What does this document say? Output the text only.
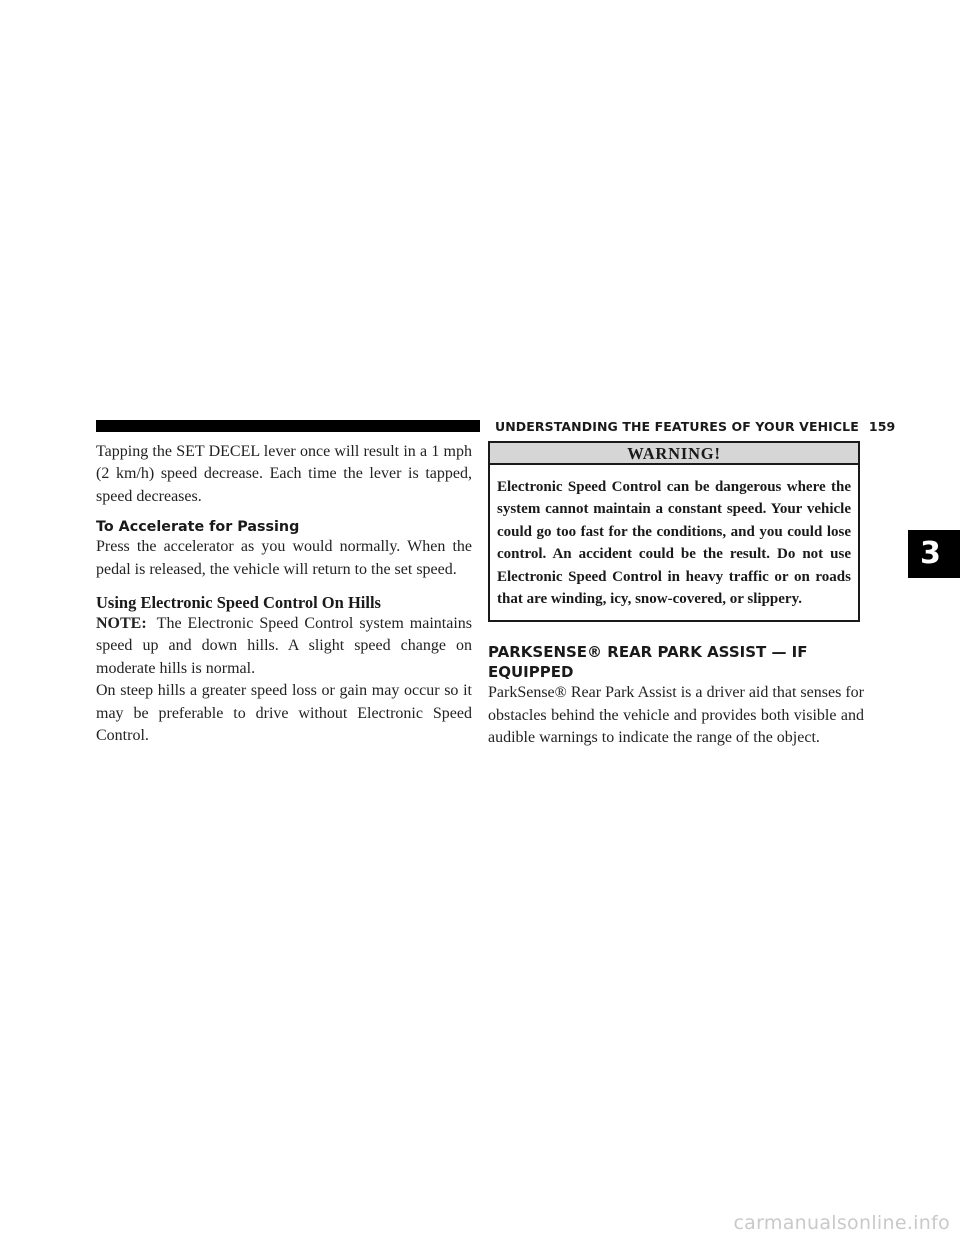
UNDERSTANDING THE FEATURES OF YOUR VEHICLE 159

Tapping the SET DECEL lever once will result in a 1 mph (2 km/h) speed decrease. Each time the lever is tapped, speed decreases.

To Accelerate for Passing

Press the accelerator as you would normally. When the pedal is released, the vehicle will return to the set speed.

Using Electronic Speed Control On Hills

NOTE: The Electronic Speed Control system maintains speed up and down hills. A slight speed change on moderate hills is normal.

On steep hills a greater speed loss or gain may occur so it may be preferable to drive without Electronic Speed Control.

WARNING!
Electronic Speed Control can be dangerous where the system cannot maintain a constant speed. Your vehicle could go too fast for the conditions, and you could lose control. An accident could be the result. Do not use Electronic Speed Control in heavy traffic or on roads that are winding, icy, snow-covered, or slippery.
PARKSENSE® REAR PARK ASSIST — IF EQUIPPED

ParkSense® Rear Park Assist is a driver aid that senses for obstacles behind the vehicle and provides both visible and audible warnings to indicate the range of the object.

3
carmanualsonline.info
